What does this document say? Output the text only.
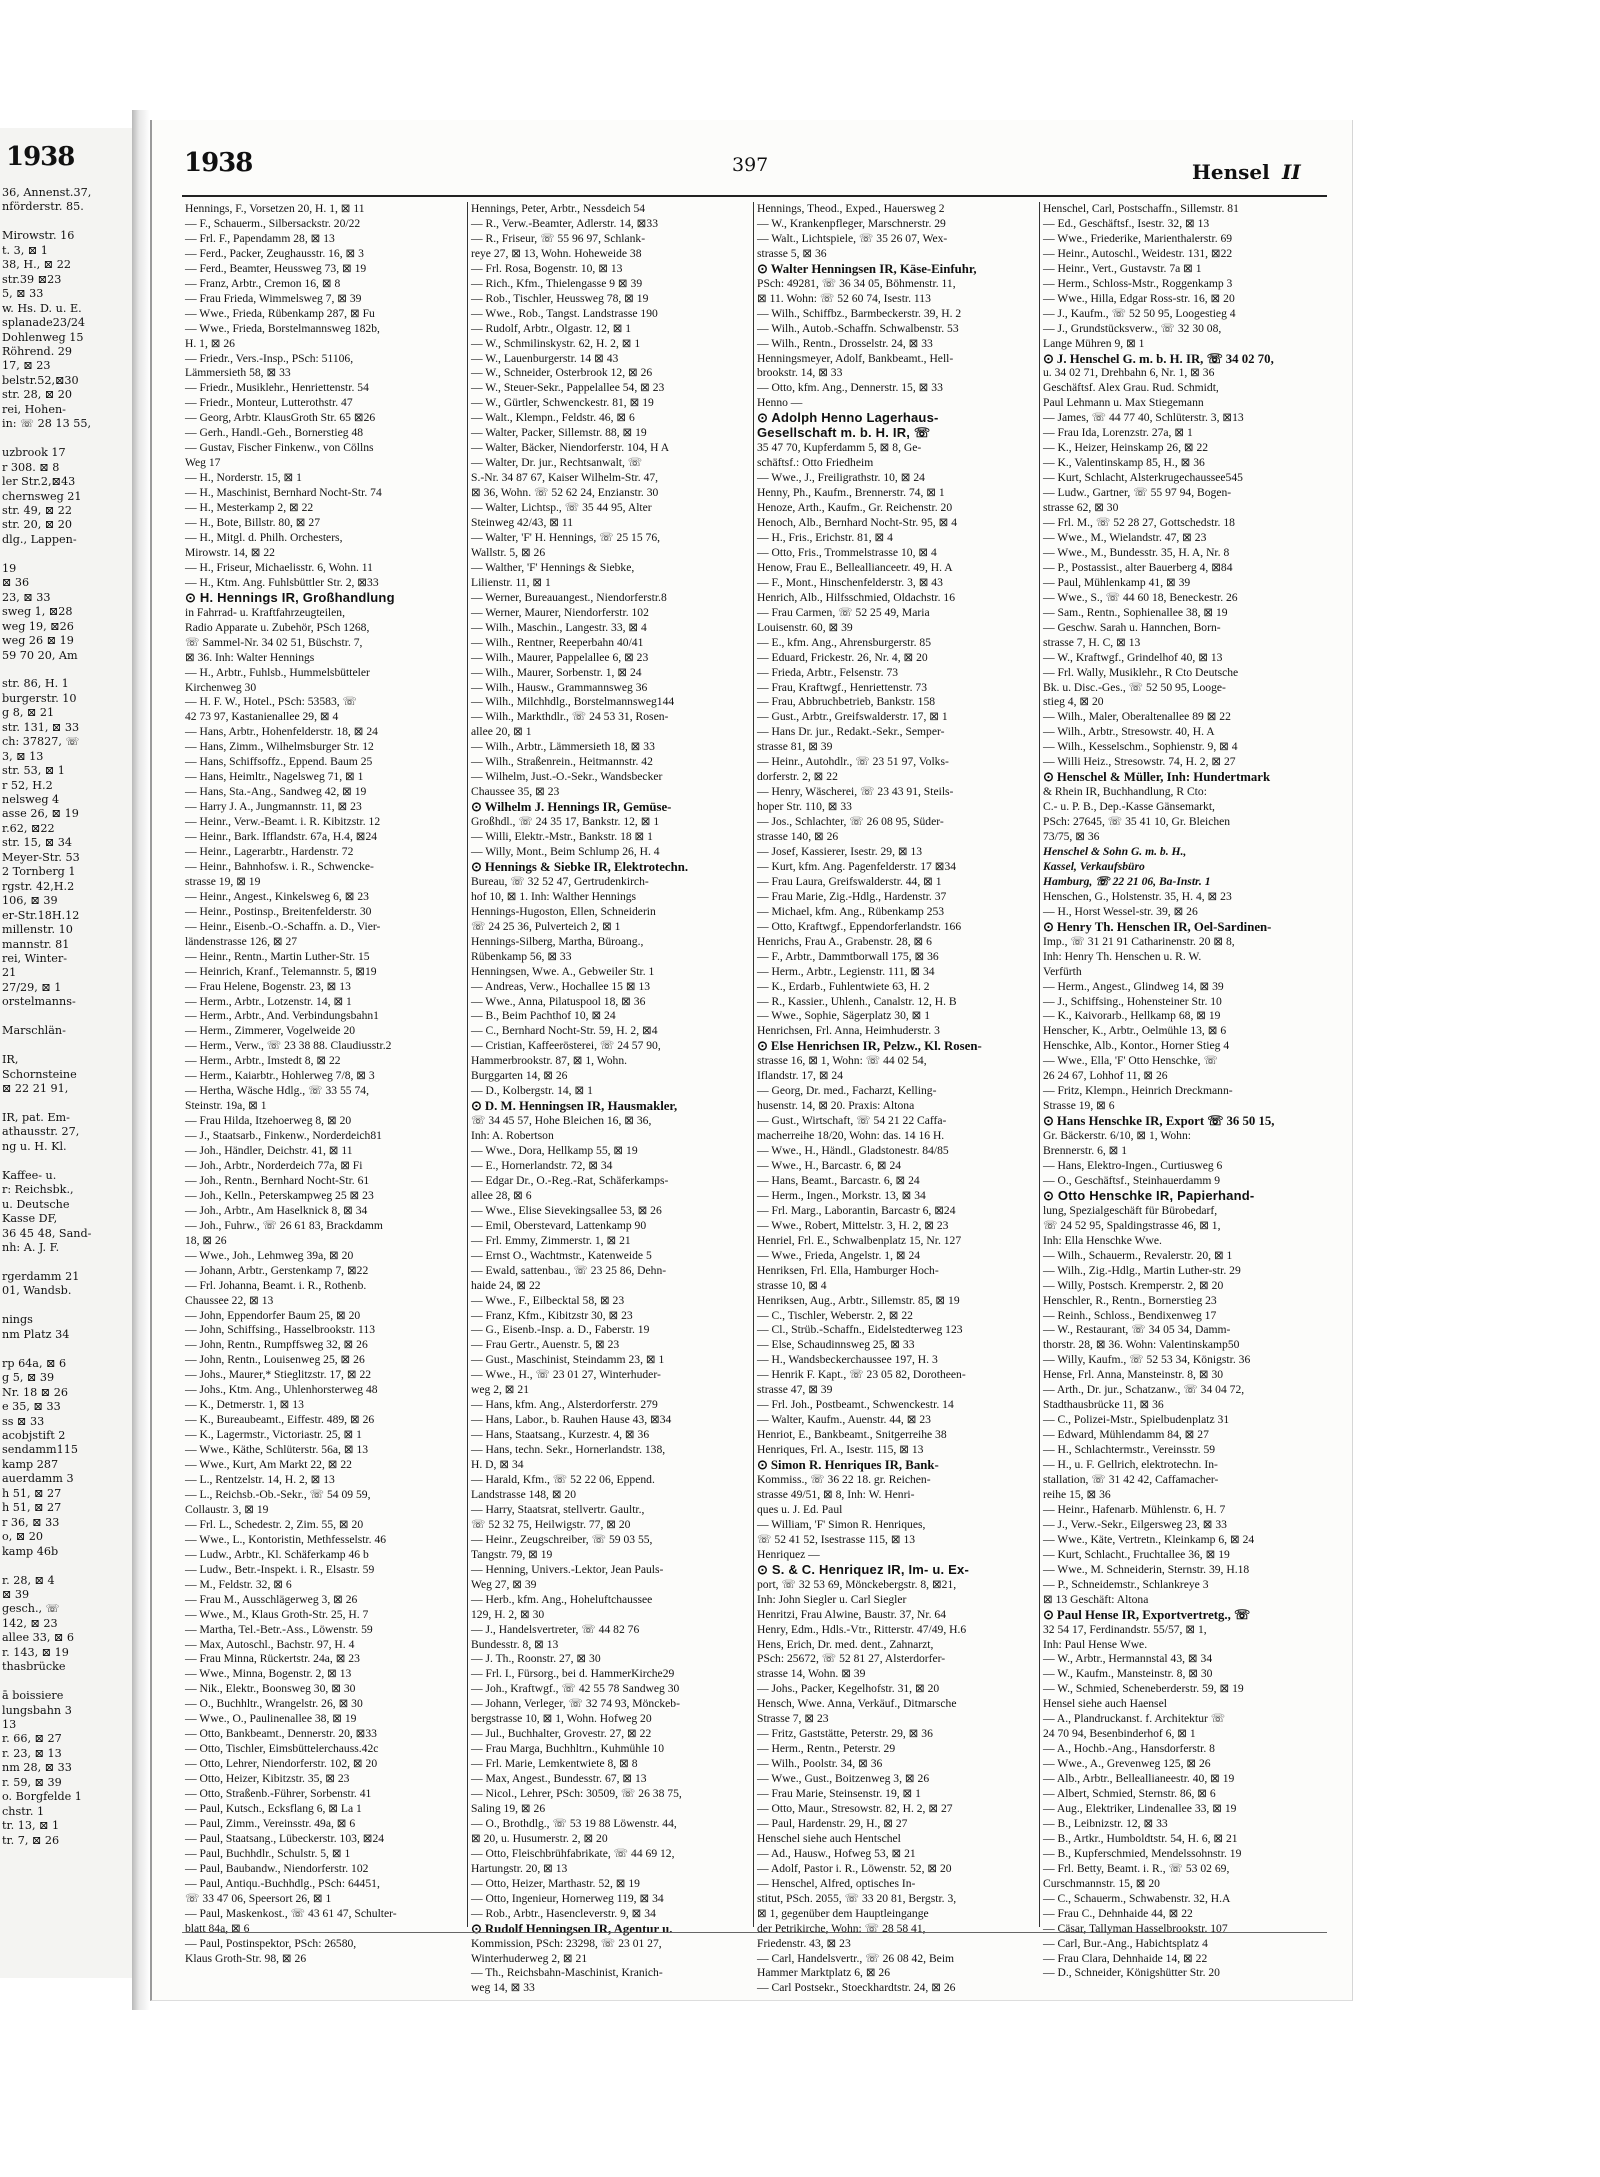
1938
36, Annenst.37,
nförderstr. 85.

Mirowstr. 16
t. 3, ⊠ 1
38, H., ⊠ 22
str.39 ⊠23
5, ⊠ 33
w. Hs. D. u. E.
splanade23/24
Dohlenweg 15
Röhrend. 29
17, ⊠ 23
belstr.52,⊠30
str. 28, ⊠ 20
rei, Hohen-
in: ☏ 28 13 55,

uzbrook 17
r 308. ⊠ 8
ler Str.2,⊠43
chernsweg 21
str. 49, ⊠ 22
str. 20, ⊠ 20
dlg., Lappen-

19
⊠ 36
23, ⊠ 33
sweg 1, ⊠28
weg 19, ⊠26
weg 26 ⊠ 19
59 70 20, Am

str. 86, H. 1
burgerstr. 10
g 8, ⊠ 21
str. 131, ⊠ 33
ch: 37827, ☏
3, ⊠ 13
str. 53, ⊠ 1
r 52, H.2
nelsweg 4
asse 26, ⊠ 19
r.62, ⊠22
str. 15, ⊠ 34
Meyer-Str. 53
2 Tornberg 1
rgstr. 42,H.2
106, ⊠ 39
er-Str.18H.12
millenstr. 10
mannstr. 81
rei, Winter-
21
27/29, ⊠ 1
orstelmanns-

Marschlän-

IR,
Schornsteine
⊠ 22 21 91,

IR, pat. Em-
athausstr. 27,
ng u. H. Kl.

Kaffee- u.
r: Reichsbk.,
u. Deutsche
Kasse DF,
36 45 48, Sand-
nh: A. J. F.

rgerdamm 21
01, Wandsb.

nings
nm Platz 34

rp 64a, ⊠ 6
g 5, ⊠ 39
Nr. 18 ⊠ 26
e 35, ⊠ 33
ss ⊠ 33
acobjstift 2
sendamm115
kamp 287
auerdamm 3
h 51, ⊠ 27
h 51, ⊠ 27
r 36, ⊠ 33
o, ⊠ 20
kamp 46b

r. 28, ⊠ 4
⊠ 39
gesch., ☏
142, ⊠ 23
allee 33, ⊠ 6
r. 143, ⊠ 19
thasbrücke

ā boissiere
lungsbahn 3
13
r. 66, ⊠ 27
r. 23, ⊠ 13
nm 28, ⊠ 33
r. 59, ⊠ 39
o. Borgfelde 1
chstr. 1
tr. 13, ⊠ 1
tr. 7, ⊠ 26
1938	397	Hensel II
Hennings, F., Vorsetzen 20, H. 1, ⊠ 11
— F., Schauerm., Silbersackstr. 20/22
— Frl. F., Papendamm 28, ⊠ 13
— Ferd., Packer, Zeughausstr. 16, ⊠ 3
— Ferd., Beamter, Heussweg 73, ⊠ 19
— Franz, Arbtr., Cremon 16, ⊠ 8
— Frau Frieda, Wimmelsweg 7, ⊠ 39
— Wwe., Frieda, Rübenkamp 287, ⊠ Fu
— Wwe., Frieda, Borstelmannsweg 182b,
H. 1, ⊠ 26
— Friedr., Vers.-Insp., PSch: 51106,
Lämmersieth 58, ⊠ 33
— Friedr., Musiklehr., Henriettenstr. 54
— Friedr., Monteur, Lutterothstr. 47
— Georg, Arbtr. KlausGroth Str. 65 ⊠26
— Gerh., Handl.-Geh., Bornerstieg 48
— Gustav, Fischer Finkenw., von Cöllns
Weg 17
— H., Norderstr. 15, ⊠ 1
— H., Maschinist, Bernhard Nocht-Str. 74
— H., Mesterkamp 2, ⊠ 22
— H., Bote, Billstr. 80, ⊠ 27
— H., Mitgl. d. Philh. Orchesters,
Mirowstr. 14, ⊠ 22
— H., Friseur, Michaelisstr. 6, Wohn. 11
— H., Ktm. Ang. Fuhlsbüttler Str. 2, ⊠33
⊙ H. Hennings IR, Großhandlung
in Fahrrad- u. Kraftfahrzeugteilen,
Radio Apparate u. Zubehör, PSch 1268,
☏ Sammel-Nr. 34 02 51, Büschstr. 7,
⊠ 36. Inh: Walter Hennings
— H., Arbtr., Fuhlsb., Hummelsbütteler
Kirchenweg 30
— H. F. W., Hotel., PSch: 53583, ☏
42 73 97, Kastanienallee 29, ⊠ 4
— Hans, Arbtr., Hohenfelderstr. 18, ⊠ 24
— Hans, Zimm., Wilhelmsburger Str. 12
— Hans, Schiffsoffz., Eppend. Baum 25
— Hans, Heimltr., Nagelsweg 71, ⊠ 1
— Hans, Sta.-Ang., Sandweg 42, ⊠ 19
— Harry J. A., Jungmannstr. 11, ⊠ 23
— Heinr., Verw.-Beamt. i. R. Kibitzstr. 12
— Heinr., Bark. Ifflandstr. 67a, H.4, ⊠24
— Heinr., Lagerarbtr., Hardenstr. 72
— Heinr., Bahnhofsw. i. R., Schwencke-
strasse 19, ⊠ 19
— Heinr., Angest., Kinkelsweg 6, ⊠ 23
— Heinr., Postinsp., Breitenfelderstr. 30
— Heinr., Eisenb.-O.-Schaffn. a. D., Vier-
ländenstrasse 126, ⊠ 27
— Heinr., Rentn., Martin Luther-Str. 15
— Heinrich, Kranf., Telemannstr. 5, ⊠19
— Frau Helene, Bogenstr. 23, ⊠ 13
— Herm., Arbtr., Lotzenstr. 14, ⊠ 1
— Herm., Arbtr., And. Verbindungsbahn1
— Herm., Zimmerer, Vogelweide 20
— Herm., Verw., ☏ 23 38 88. Claudiusstr.2
— Herm., Arbtr., Imstedt 8, ⊠ 22
— Herm., Kaiarbtr., Hohlerweg 7/8, ⊠ 3
— Hertha, Wäsche Hdlg., ☏ 33 55 74,
Steinstr. 19a, ⊠ 1
— Frau Hilda, Itzehoerweg 8, ⊠ 20
— J., Staatsarb., Finkenw., Norderdeich81
— Joh., Händler, Deichstr. 41, ⊠ 11
— Joh., Arbtr., Norderdeich 77a, ⊠ Fi
— Joh., Rentn., Bernhard Nocht-Str. 61
— Joh., Kelln., Peterskampweg 25 ⊠ 23
— Joh., Arbtr., Am Haselknick 8, ⊠ 34
— Joh., Fuhrw., ☏ 26 61 83, Brackdamm
18, ⊠ 26
— Wwe., Joh., Lehmweg 39a, ⊠ 20
— Johann, Arbtr., Gerstenkamp 7, ⊠22
— Frl. Johanna, Beamt. i. R., Rothenb.
Chaussee 22, ⊠ 13
— John, Eppendorfer Baum 25, ⊠ 20
— John, Schiffsing., Hasselbrookstr. 113
— John, Rentn., Rumpffsweg 32, ⊠ 26
— John, Rentn., Louisenweg 25, ⊠ 26
— Johs., Maurer,* Stieglitzstr. 17, ⊠ 22
— Johs., Ktm. Ang., Uhlenhorsterweg 48
— K., Detmerstr. 1, ⊠ 13
— K., Bureaubeamt., Eiffestr. 489, ⊠ 26
— K., Lagermstr., Victoriastr. 25, ⊠ 1
— Wwe., Käthe, Schlüterstr. 56a, ⊠ 13
— Wwe., Kurt, Am Markt 22, ⊠ 22
— L., Rentzelstr. 14, H. 2, ⊠ 13
— L., Reichsb.-Ob.-Sekr., ☏ 54 09 59,
Collaustr. 3, ⊠ 19
— Frl. L., Schedestr. 2, Zim. 55, ⊠ 20
— Wwe., L., Kontoristin, Methfesselstr. 46
— Ludw., Arbtr., Kl. Schäferkamp 46 b
— Ludw., Betr.-Inspekt. i. R., Elsastr. 59
— M., Feldstr. 32, ⊠ 6
— Frau M., Ausschlägerweg 3, ⊠ 26
— Wwe., M., Klaus Groth-Str. 25, H. 7
— Martha, Tel.-Betr.-Ass., Löwenstr. 59
— Max, Autoschl., Bachstr. 97, H. 4
— Frau Minna, Rückertstr. 24a, ⊠ 23
— Wwe., Minna, Bogenstr. 2, ⊠ 13
— Nik., Elektr., Boonsweg 30, ⊠ 30
— O., Buchhltr., Wrangelstr. 26, ⊠ 30
— Wwe., O., Paulinenallee 38, ⊠ 19
— Otto, Bankbeamt., Dennerstr. 20, ⊠33
— Otto, Tischler, Eimsbüttelerchauss.42c
— Otto, Lehrer, Niendorferstr. 102, ⊠ 20
— Otto, Heizer, Kibitzstr. 35, ⊠ 23
— Otto, Straßenb.-Führer, Sorbenstr. 41
— Paul, Kutsch., Ecksflang 6, ⊠ La 1
— Paul, Zimm., Vereinsstr. 49a, ⊠ 6
— Paul, Staatsang., Lübeckerstr. 103, ⊠24
— Paul, Buchhdlr., Schulstr. 5, ⊠ 1
— Paul, Baubandw., Niendorferstr. 102
— Paul, Antiqu.-Buchhdlg., PSch: 64451,
☏ 33 47 06, Speersort 26, ⊠ 1
— Paul, Maskenkost., ☏ 43 61 47, Schulter-
blatt 84a, ⊠ 6
— Paul, Postinspektor, PSch: 26580,
Klaus Groth-Str. 98, ⊠ 26
Hennings, Peter, Arbtr., Nessdeich 54
— R., Verw.-Beamter, Adlerstr. 14, ⊠33
— R., Friseur, ☏ 55 96 97, Schlank-
reye 27, ⊠ 13, Wohn. Hoheweide 38
— Frl. Rosa, Bogenstr. 10, ⊠ 13
— Rich., Kfm., Thielengasse 9 ⊠ 39
— Rob., Tischler, Heussweg 78, ⊠ 19
— Wwe., Rob., Tangst. Landstrasse 190
— Rudolf, Arbtr., Olgastr. 12, ⊠ 1
— W., Schmilinskystr. 62, H. 2, ⊠ 1
— W., Lauenburgerstr. 14 ⊠ 43
— W., Schneider, Osterbrook 12, ⊠ 26
— W., Steuer-Sekr., Pappelallee 54, ⊠ 23
— W., Gürtler, Schwenckestr. 81, ⊠ 19
— Walt., Klempn., Feldstr. 46, ⊠ 6
— Walter, Packer, Sillemstr. 88, ⊠ 19
— Walter, Bäcker, Niendorferstr. 104, H A
— Walter, Dr. jur., Rechtsanwalt, ☏
S.-Nr. 34 87 67, Kaiser Wilhelm-Str. 47,
⊠ 36, Wohn. ☏ 52 62 24, Enzianstr. 30
— Walter, Lichtsp., ☏ 35 44 95, Alter
Steinweg 42/43, ⊠ 11
— Walter, 'F' H. Hennings, ☏ 25 15 76,
Wallstr. 5, ⊠ 26
— Walther, 'F' Hennings & Siebke,
Lilienstr. 11, ⊠ 1
— Werner, Bureauangest., Niendorferstr.8
— Werner, Maurer, Niendorferstr. 102
— Wilh., Maschin., Langestr. 33, ⊠ 4
— Wilh., Rentner, Reeperbahn 40/41
— Wilh., Maurer, Pappelallee 6, ⊠ 23
— Wilh., Maurer, Sorbenstr. 1, ⊠ 24
— Wilh., Hausw., Grammannsweg 36
— Wilh., Milchhdlg., Borstelmannsweg144
— Wilh., Markthdlr., ☏ 24 53 31, Rosen-
allee 20, ⊠ 1
— Wilh., Arbtr., Lämmersieth 18, ⊠ 33
— Wilh., Straßenrein., Heitmannstr. 42
— Wilhelm, Just.-O.-Sekr., Wandsbecker
Chaussee 35, ⊠ 23
⊙ Wilhelm J. Hennings IR, Gemüse-
Großhdl., ☏ 24 35 17, Bankstr. 12, ⊠ 1
— Willi, Elektr.-Mstr., Bankstr. 18 ⊠ 1
— Willy, Mont., Beim Schlump 26, H. 4
⊙ Hennings & Siebke IR, Elektrotechn.
Bureau, ☏ 32 52 47, Gertrudenkirch-
hof 10, ⊠ 1. Inh: Walther Hennings
Hennings-Hugoston, Ellen, Schneiderin
☏ 24 25 36, Pulverteich 2, ⊠ 1
Hennings-Silberg, Martha, Büroang.,
Rübenkamp 56, ⊠ 33
Henningsen, Wwe. A., Gebweiler Str. 1
— Andreas, Verw., Hochallee 15 ⊠ 13
— Wwe., Anna, Pilatuspool 18, ⊠ 36
— B., Beim Pachthof 10, ⊠ 24
— C., Bernhard Nocht-Str. 59, H. 2, ⊠4
— Cristian, Kaffeerösterei, ☏ 24 57 90,
Hammerbrookstr. 87, ⊠ 1, Wohn.
Burggarten 14, ⊠ 26
— D., Kolbergstr. 14, ⊠ 1
⊙ D. M. Henningsen IR, Hausmakler,
☏ 34 45 57, Hohe Bleichen 16, ⊠ 36,
Inh: A. Robertson
— Wwe., Dora, Hellkamp 55, ⊠ 19
— E., Hornerlandstr. 72, ⊠ 34
— Edgar Dr., O.-Reg.-Rat, Schäferkamps-
allee 28, ⊠ 6
— Wwe., Elise Sievekingsallee 53, ⊠ 26
— Emil, Oberstevard, Lattenkamp 90
— Frl. Emmy, Zimmerstr. 1, ⊠ 21
— Ernst O., Wachtmstr., Katenweide 5
— Ewald, sattenbau., ☏ 23 25 86, Dehn-
haide 24, ⊠ 22
— Wwe., F., Eilbecktal 58, ⊠ 23
— Franz, Kfm., Kibitzstr 30, ⊠ 23
— G., Eisenb.-Insp. a. D., Faberstr. 19
— Frau Gertr., Auenstr. 5, ⊠ 23
— Gust., Maschinist, Steindamm 23, ⊠ 1
— Wwe., H., ☏ 23 01 27, Winterhuder-
weg 2, ⊠ 21
— Hans, kfm. Ang., Alsterdorferstr. 279
— Hans, Labor., b. Rauhen Hause 43, ⊠34
— Hans, Staatsang., Kurzestr. 4, ⊠ 36
— Hans, techn. Sekr., Hornerlandstr. 138,
H. D, ⊠ 34
— Harald, Kfm., ☏ 52 22 06, Eppend.
Landstrasse 148, ⊠ 20
— Harry, Staatsrat, stellvertr. Gaultr.,
☏ 52 32 75, Heilwigstr. 77, ⊠ 20
— Heinr., Zeugschreiber, ☏ 59 03 55,
Tangstr. 79, ⊠ 19
— Henning, Univers.-Lektor, Jean Pauls-
Weg 27, ⊠ 39
— Herb., kfm. Ang., Hoheluftchaussee
129, H. 2, ⊠ 30
— J., Handelsvertreter, ☏ 44 82 76
Bundesstr. 8, ⊠ 13
— J. Th., Roonstr. 27, ⊠ 30
— Frl. I., Fürsorg., bei d. HammerKirche29
— Joh., Kraftwgf., ☏ 42 55 78 Sandweg 30
— Johann, Verleger, ☏ 32 74 93, Mönckeb-
bergstrasse 10, ⊠ 1, Wohn. Hofweg 20
— Jul., Buchhalter, Grovestr. 27, ⊠ 22
— Frau Marga, Buchhltrn., Kuhmühle 10
— Frl. Marie, Lemkentwiete 8, ⊠ 8
— Max, Angest., Bundesstr. 67, ⊠ 13
— Nicol., Lehrer, PSch: 30509, ☏ 26 38 75,
Saling 19, ⊠ 26
— O., Brothdlg., ☏ 53 19 88 Löwenstr. 44,
⊠ 20, u. Husumerstr. 2, ⊠ 20
— Otto, Fleischbrühfabrikate, ☏ 44 69 12,
Hartungstr. 20, ⊠ 13
— Otto, Heizer, Marthastr. 52, ⊠ 19
— Otto, Ingenieur, Hornerweg 119, ⊠ 34
— Rob., Arbtr., Hasencleverstr. 9, ⊠ 34
⊙ Rudolf Henningsen IR, Agentur u.
Kommission, PSch: 23298, ☏ 23 01 27,
Winterhuderweg 2, ⊠ 21
— Th., Reichsbahn-Maschinist, Kranich-
weg 14, ⊠ 33
Hennings, Theod., Exped., Hauersweg 2
— W., Krankenpfleger, Marschnerstr. 29
— Walt., Lichtspiele, ☏ 35 26 07, Wex-
strasse 5, ⊠ 36
⊙ Walter Henningsen IR, Käse-Einfuhr,
PSch: 49281, ☏ 36 34 05, Böhmenstr. 11,
⊠ 11. Wohn: ☏ 52 60 74, Isestr. 113
— Wilh., Schiffbz., Barmbeckerstr. 39, H. 2
— Wilh., Autob.-Schaffn. Schwalbenstr. 53
— Wilh., Rentn., Drosselstr. 24, ⊠ 33
Henningsmeyer, Adolf, Bankbeamt., Hell-
brookstr. 14, ⊠ 33
— Otto, kfm. Ang., Dennerstr. 15, ⊠ 33
Henno —
⊙ Adolph Henno Lagerhaus-
Gesellschaft m. b. H. IR, ☏
35 47 70, Kupferdamm 5, ⊠ 8, Ge-
schäftsf.: Otto Friedheim
— Wwe., J., Freiligrathstr. 10, ⊠ 24
Henny, Ph., Kaufm., Brennerstr. 74, ⊠ 1
Henoze, Arth., Kaufm., Gr. Reichenstr. 20
Henoch, Alb., Bernhard Nocht-Str. 95, ⊠ 4
— H., Fris., Erichstr. 81, ⊠ 4
— Otto, Fris., Trommelstrasse 10, ⊠ 4
Henow, Frau E., Belleallianceetr. 49, H. A
— F., Mont., Hinschenfelderstr. 3, ⊠ 43
Henrich, Alb., Hilfsschmied, Oldachstr. 16
— Frau Carmen, ☏ 52 25 49, Maria
Louisenstr. 60, ⊠ 39
— E., kfm. Ang., Ahrensburgerstr. 85
— Eduard, Frickestr. 26, Nr. 4, ⊠ 20
— Frieda, Arbtr., Felsenstr. 73
— Frau, Kraftwgf., Henriettenstr. 73
— Frau, Abbruchbetrieb, Bankstr. 158
— Gust., Arbtr., Greifswalderstr. 17, ⊠ 1
— Hans Dr. jur., Redakt.-Sekr., Semper-
strasse 81, ⊠ 39
— Heinr., Autohdlr., ☏ 23 51 97, Volks-
dorferstr. 2, ⊠ 22
— Henry, Wäscherei, ☏ 23 43 91, Steils-
hoper Str. 110, ⊠ 33
— Jos., Schlachter, ☏ 26 08 95, Süder-
strasse 140, ⊠ 26
— Josef, Kassierer, Isestr. 29, ⊠ 13
— Kurt, kfm. Ang. Pagenfelderstr. 17 ⊠34
— Frau Laura, Greifswalderstr. 44, ⊠ 1
— Frau Marie, Zig.-Hdlg., Hardenstr. 37
— Michael, kfm. Ang., Rübenkamp 253
— Otto, Kraftwgf., Eppendorferlandstr. 166
Henrichs, Frau A., Grabenstr. 28, ⊠ 6
— F., Arbtr., Dammtborwall 175, ⊠ 36
— Herm., Arbtr., Legienstr. 111, ⊠ 34
— K., Erdarb., Fuhlentwiete 63, H. 2
— R., Kassier., Uhlenh., Canalstr. 12, H. B
— Wwe., Sophie, Sägerplatz 30, ⊠ 1
Henrichsen, Frl. Anna, Heimhuderstr. 3
⊙ Else Henrichsen IR, Pelzw., Kl. Rosen-
strasse 16, ⊠ 1, Wohn: ☏ 44 02 54,
Iflandstr. 17, ⊠ 24
— Georg, Dr. med., Facharzt, Kelling-
husenstr. 14, ⊠ 20. Praxis: Altona
— Gust., Wirtschaft, ☏ 54 21 22 Caffa-
macherreihe 18/20, Wohn: das. 14 16 H.
— Wwe., H., Händl., Gladstonestr. 84/85
— Wwe., H., Barcastr. 6, ⊠ 24
— Hans, Beamt., Barcastr. 6, ⊠ 24
— Herm., Ingen., Morkstr. 13, ⊠ 34
— Frl. Marg., Laborantin, Barcastr 6, ⊠24
— Wwe., Robert, Mittelstr. 3, H. 2, ⊠ 23
Henriel, Frl. E., Schwalbenplatz 15, Nr. 127
— Wwe., Frieda, Angelstr. 1, ⊠ 24
Henriksen, Frl. Ella, Hamburger Hoch-
strasse 10, ⊠ 4
Henriksen, Aug., Arbtr., Sillemstr. 85, ⊠ 19
— C., Tischler, Weberstr. 2, ⊠ 22
— Cl., Strüb.-Schaffn., Eidelstedterweg 123
— Else, Schaudinnsweg 25, ⊠ 33
— H., Wandsbeckerchaussee 197, H. 3
— Henrik F. Kapt., ☏ 23 05 82, Dorotheen-
strasse 47, ⊠ 39
— Frl. Joh., Postbeamt., Schwenckestr. 14
— Walter, Kaufm., Auenstr. 44, ⊠ 23
Henriot, E., Bankbeamt., Snitgerreihe 38
Henriques, Frl. A., Isestr. 115, ⊠ 13
⊙ Simon R. Henriques IR, Bank-
Kommiss., ☏ 36 22 18. gr. Reichen-
strasse 49/51, ⊠ 8, Inh: W. Henri-
ques u. J. Ed. Paul
— William, 'F' Simon R. Henriques,
☏ 52 41 52, Isestrasse 115, ⊠ 13
Henriquez —
⊙ S. & C. Henriquez IR, Im- u. Ex-
port, ☏ 32 53 69, Mönckebergstr. 8, ⊠21,
Inh: John Siegler u. Carl Siegler
Henritzi, Frau Alwine, Baustr. 37, Nr. 64
Henry, Edm., Hdls.-Vtr., Ritterstr. 47/49, H.6
Hens, Erich, Dr. med. dent., Zahnarzt,
PSch: 25672, ☏ 52 81 27, Alsterdorfer-
strasse 14, Wohn. ⊠ 39
— Johs., Packer, Kegelhofstr. 31, ⊠ 20
Hensch, Wwe. Anna, Verkäuf., Ditmarsche
Strasse 7, ⊠ 23
— Fritz, Gaststätte, Peterstr. 29, ⊠ 36
— Herm., Rentn., Peterstr. 29
— Wilh., Poolstr. 34, ⊠ 36
— Wwe., Gust., Boitzenweg 3, ⊠ 26
— Frau Marie, Steinsenstr. 19, ⊠ 1
— Otto, Maur., Stresowstr. 82, H. 2, ⊠ 27
— Paul, Hardenstr. 29, H., ⊠ 27
Henschel siehe auch Hentschel
— Ad., Hausw., Hofweg 53, ⊠ 21
— Adolf, Pastor i. R., Löwenstr. 52, ⊠ 20
— Henschel, Alfred, optisches In-
stitut, PSch. 2055, ☏ 33 20 81, Bergstr. 3,
⊠ 1, gegenüber dem Hauptleingange
der Petrikirche, Wohn: ☏ 28 58 41,
Friedenstr. 43, ⊠ 23
— Carl, Handelsvertr., ☏ 26 08 42, Beim
Hammer Marktplatz 6, ⊠ 26
— Carl Postsekr., Stoeckhardtstr. 24, ⊠ 26
Henschel, Carl, Postschaffn., Sillemstr. 81
— Ed., Geschäftsf., Isestr. 32, ⊠ 13
— Wwe., Friederike, Marienthalerstr. 69
— Heinr., Autoschl., Weidestr. 131, ⊠22
— Heinr., Vert., Gustavstr. 7a ⊠ 1
— Herm., Schloss-Mstr., Roggenkamp 3
— Wwe., Hilla, Edgar Ross-str. 16, ⊠ 20
— J., Kaufm., ☏ 52 50 95, Loogestieg 4
— J., Grundstücksverw., ☏ 32 30 08,
Lange Mühren 9, ⊠ 1
⊙ J. Henschel G. m. b. H. IR, ☏ 34 02 70,
u. 34 02 71, Drehbahn 6, Nr. 1, ⊠ 36
Geschäftsf. Alex Grau. Rud. Schmidt,
Paul Lehmann u. Max Stiegemann
— James, ☏ 44 77 40, Schlüterstr. 3, ⊠13
— Frau Ida, Lorenzstr. 27a, ⊠ 1
— K., Heizer, Heinskamp 26, ⊠ 22
— K., Valentinskamp 85, H., ⊠ 36
— Kurt, Schlacht, Alsterkrugechaussee545
— Ludw., Gartner, ☏ 55 97 94, Bogen-
strasse 62, ⊠ 30
— Frl. M., ☏ 52 28 27, Gottschedstr. 18
— Wwe., M., Wielandstr. 47, ⊠ 23
— Wwe., M., Bundesstr. 35, H. A, Nr. 8
— P., Postassist., alter Bauerberg 4, ⊠84
— Paul, Mühlenkamp 41, ⊠ 39
— Wwe., S., ☏ 44 60 18, Beneckestr. 26
— Sam., Rentn., Sophienallee 38, ⊠ 19
— Geschw. Sarah u. Hannchen, Born-
strasse 7, H. C, ⊠ 13
— W., Kraftwgf., Grindelhof 40, ⊠ 13
— Frl. Wally, Musiklehr., R Cto Deutsche
Bk. u. Disc.-Ges., ☏ 52 50 95, Looge-
stieg 4, ⊠ 20
— Wilh., Maler, Oberaltenallee 89 ⊠ 22
— Wilh., Arbtr., Stresowstr. 40, H. A
— Wilh., Kesselschm., Sophienstr. 9, ⊠ 4
— Willi Heiz., Stresowstr. 74, H. 2, ⊠ 27
⊙ Henschel & Müller, Inh: Hundertmark
& Rhein IR, Buchhandlung, R Cto:
C.- u. P. B., Dep.-Kasse Gänsemarkt,
PSch: 27645, ☏ 35 41 10, Gr. Bleichen
73/75, ⊠ 36
Henschel & Sohn G. m. b. H.,
Kassel, Verkaufsbüro
Hamburg, ☏ 22 21 06, Ba-Instr. 1
Henschen, G., Holstenstr. 35, H. 4, ⊠ 23
— H., Horst Wessel-str. 39, ⊠ 26
⊙ Henry Th. Henschen IR, Oel-Sardinen-
Imp., ☏ 31 21 91 Catharinenstr. 20 ⊠ 8,
Inh: Henry Th. Henschen u. R. W.
Verfürth
— Herm., Angest., Glindweg 14, ⊠ 39
— J., Schiffsing., Hohensteiner Str. 10
— K., Kaivorarb., Hellkamp 68, ⊠ 19
Henscher, K., Arbtr., Oelmühle 13, ⊠ 6
Henschke, Alb., Kontor., Horner Stieg 4
— Wwe., Ella, 'F' Otto Henschke, ☏
26 24 67, Lohhof 11, ⊠ 26
— Fritz, Klempn., Heinrich Dreckmann-
Strasse 19, ⊠ 6
⊙ Hans Henschke IR, Export ☏ 36 50 15,
Gr. Bäckerstr. 6/10, ⊠ 1, Wohn:
Brennerstr. 6, ⊠ 1
— Hans, Elektro-Ingen., Curtiusweg 6
— O., Geschäftsf., Steinhauerdamm 9
⊙ Otto Henschke IR, Papierhand-
lung, Spezialgeschäft für Bürobedarf,
☏ 24 52 95, Spaldingstrasse 46, ⊠ 1,
Inh: Ella Henschke Wwe.
— Wilh., Schauerm., Revalerstr. 20, ⊠ 1
— Wilh., Zig.-Hdlg., Martin Luther-str. 29
— Willy, Postsch. Kremperstr. 2, ⊠ 20
Henschler, R., Rentn., Bornerstieg 23
— Reinh., Schloss., Bendixenweg 17
— W., Restaurant, ☏ 34 05 34, Damm-
thorstr. 28, ⊠ 36. Wohn: Valentinskamp50
— Willy, Kaufm., ☏ 52 53 34, Königstr. 36
Hense, Frl. Anna, Mansteinstr. 8, ⊠ 30
— Arth., Dr. jur., Schatzanw., ☏ 34 04 72,
Stadthausbrücke 11, ⊠ 36
— C., Polizei-Mstr., Spielbudenplatz 31
— Edward, Mühlendamm 84, ⊠ 27
— H., Schlachtermstr., Vereinsstr. 59
— H., u. F. Gellrich, elektrotechn. In-
stallation, ☏ 31 42 42, Caffamacher-
reihe 15, ⊠ 36
— Heinr., Hafenarb. Mühlenstr. 6, H. 7
— J., Verw.-Sekr., Eilgersweg 23, ⊠ 33
— Wwe., Käte, Vertretn., Kleinkamp 6, ⊠ 24
— Kurt, Schlacht., Fruchtallee 36, ⊠ 19
— Wwe., M. Schneiderin, Sternstr. 39, H.18
— P., Schneidemstr., Schlankreye 3
⊠ 13 Geschäft: Altona
⊙ Paul Hense IR, Exportvertretg., ☏
32 54 17, Ferdinandstr. 55/57, ⊠ 1,
Inh: Paul Hense Wwe.
— W., Arbtr., Hermannstal 43, ⊠ 34
— W., Kaufm., Mansteinstr. 8, ⊠ 30
— W., Schmied, Scheneberderstr. 59, ⊠ 19
Hensel siehe auch Haensel
— A., Plandruckanst. f. Architektur ☏
24 70 94, Besenbinderhof 6, ⊠ 1
— A., Hochb.-Ang., Hansdorferstr. 8
— Wwe., A., Grevenweg 125, ⊠ 26
— Alb., Arbtr., Belleallianeestr. 40, ⊠ 19
— Albert, Schmied, Sternstr. 86, ⊠ 6
— Aug., Elektriker, Lindenallee 33, ⊠ 19
— B., Leibnizstr. 12, ⊠ 33
— B., Artkr., Humboldtstr. 54, H. 6, ⊠ 21
— B., Kupferschmied, Mendelssohnstr. 19
— Frl. Betty, Beamt. i. R., ☏ 53 02 69,
Curschmannstr. 15, ⊠ 20
— C., Schauerm., Schwabenstr. 32, H.A
— Frau C., Dehnhaide 44, ⊠ 22
— Cäsar, Tallyman Hasselbrookstr. 107
— Carl, Bur.-Ang., Habichtsplatz 4
— Frau Clara, Dehnhaide 14, ⊠ 22
— D., Schneider, Königshütter Str. 20
